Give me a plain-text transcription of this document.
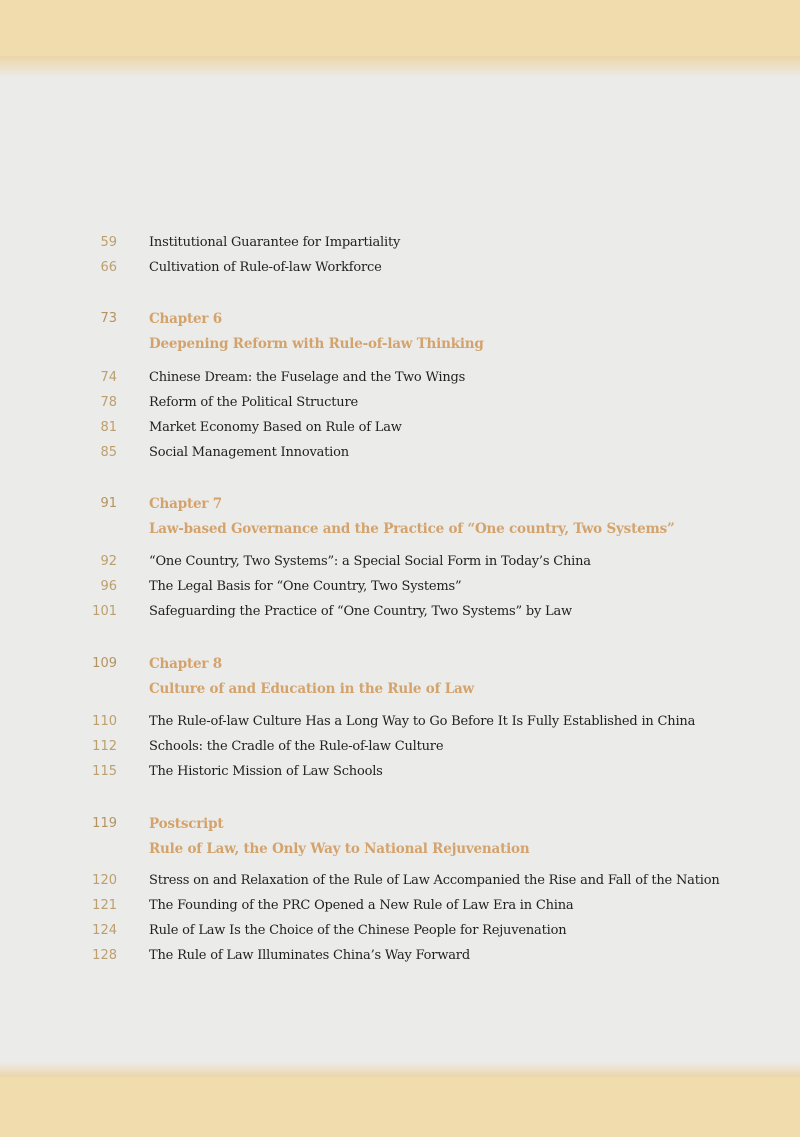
59 Institutional Guarantee for Impartiality
66 Cultivation of Rule-of-law Workforce
73 Chapter 6
Deepening Reform with Rule-of-law Thinking
74 Chinese Dream: the Fuselage and the Two Wings
78 Reform of the Political Structure
81 Market Economy Based on Rule of Law
85 Social Management Innovation
91 Chapter 7
Law-based Governance and the Practice of “One country, Two Systems”
92 “One Country, Two Systems”: a Special Social Form in Today’s China
96 The Legal Basis for “One Country, Two Systems”
101 Safeguarding the Practice of “One Country, Two Systems” by Law
109 Chapter 8
Culture of and Education in the Rule of Law
110 The Rule-of-law Culture Has a Long Way to Go Before It Is Fully Established in China
112 Schools: the Cradle of the Rule-of-law Culture
115 The Historic Mission of Law Schools
119 Postscript
Rule of Law, the Only Way to National Rejuvenation
120 Stress on and Relaxation of the Rule of Law Accompanied the Rise and Fall of the Nation
121 The Founding of the PRC Opened a New Rule of Law Era in China
124 Rule of Law Is the Choice of the Chinese People for Rejuvenation
128 The Rule of Law Illuminates China’s Way Forward
